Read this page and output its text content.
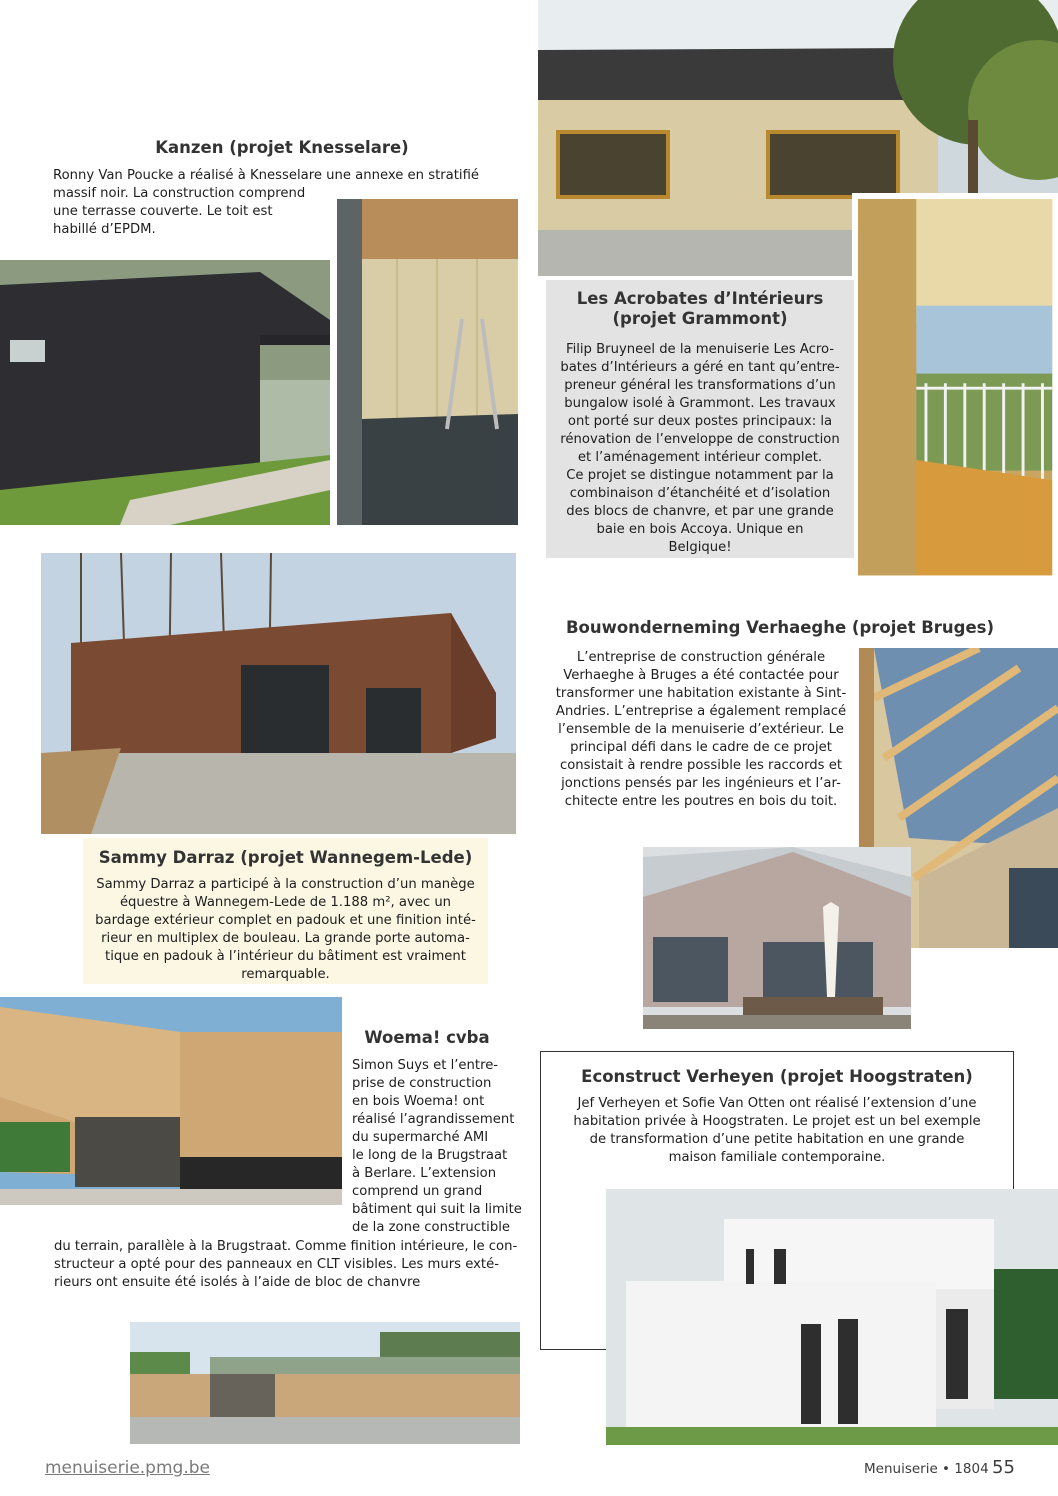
Kanzen (projet Knesselare)

Ronny Van Poucke a réalisé à Knesselare une annexe en stratifié

massif noir. La construction comprend

une terrasse couverte. Le toit est

habillé d’EPDM.

Les Acrobates d’Intérieurs

(projet Grammont)

Filip Bruyneel de la menuiserie Les Acro-
bates d’Intérieurs a géré en tant qu’entre-
preneur général les transformations d’un
bungalow isolé à Grammont. Les travaux
ont porté sur deux postes principaux: la
rénovation de l’enveloppe de construction
et l’aménagement intérieur complet.
Ce projet se distingue notamment par la
combinaison d’étanchéité et d’isolation
des blocs de chanvre, et par une grande
baie en bois Accoya. Unique en
Belgique!

Bouwonderneming Verhaeghe (projet Bruges)

L’entreprise de construction générale
Verhaeghe à Bruges a été contactée pour
transformer une habitation existante à Sint-
Andries. L’entreprise a également remplacé
l’ensemble de la menuiserie d’extérieur. Le
principal défi dans le cadre de ce projet
consistait à rendre possible les raccords et
jonctions pensés par les ingénieurs et l’ar-
chitecte entre les poutres en bois du toit.

Sammy Darraz (projet Wannegem-Lede)

Sammy Darraz a participé à la construction d’un manège
équestre à Wannegem-Lede de 1.188 m², avec un
bardage extérieur complet en padouk et une finition inté-
rieur en multiplex de bouleau. La grande porte automa-
tique en padouk à l’intérieur du bâtiment est vraiment
remarquable.

Woema! cvba

Simon Suys et l’entre-
prise de construction
en bois Woema! ont
réalisé l’agrandissement
du supermarché AMI
le long de la Brugstraat
à Berlare. L’extension
comprend un grand
bâtiment qui suit la limite
de la zone constructible
du terrain, parallèle à la Brugstraat. Comme finition intérieure, le con-
structeur a opté pour des panneaux en CLT visibles. Les murs exté-
rieurs ont ensuite été isolés à l’aide de bloc de chanvre

Econstruct Verheyen (projet Hoogstraten)

Jef Verheyen et Sofie Van Otten ont réalisé l’extension d’une
habitation privée à Hoogstraten. Le projet est un bel exemple
de transformation d’une petite habitation en une grande
maison familiale contemporaine.
menuiserie.pmg.be	Menuiserie • 1804 55
